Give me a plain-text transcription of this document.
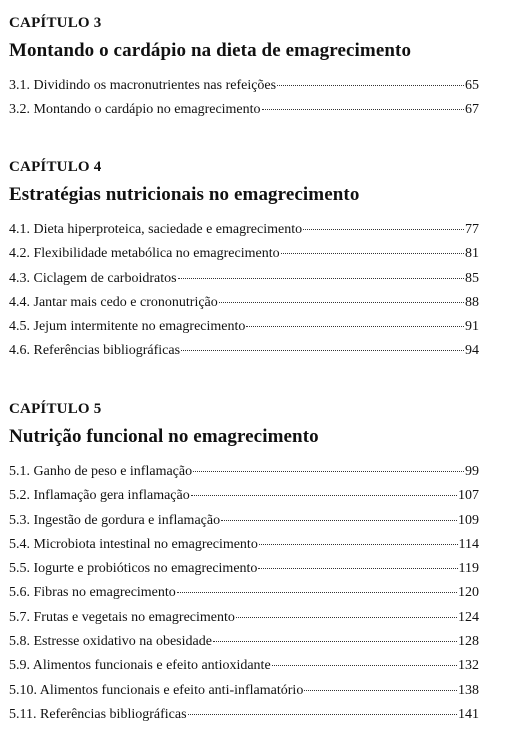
CAPÍTULO 3
Montando o cardápio na dieta de emagrecimento
3.1. Dividindo os macronutrientes nas refeições	65
3.2. Montando o cardápio no emagrecimento	67
CAPÍTULO 4
Estratégias nutricionais no emagrecimento
4.1. Dieta hiperproteica, saciedade e emagrecimento	77
4.2. Flexibilidade metabólica no emagrecimento	81
4.3. Ciclagem de carboidratos	85
4.4. Jantar mais cedo e crononutrição	88
4.5. Jejum intermitente no emagrecimento	91
4.6. Referências bibliográficas	94
CAPÍTULO 5
Nutrição funcional no emagrecimento
5.1. Ganho de peso e inflamação	99
5.2. Inflamação gera inflamação	107
5.3. Ingestão de gordura e inflamação	109
5.4. Microbiota intestinal no emagrecimento	114
5.5. Iogurte e probióticos no emagrecimento	119
5.6. Fibras no emagrecimento	120
5.7. Frutas e vegetais no emagrecimento	124
5.8. Estresse oxidativo na obesidade	128
5.9. Alimentos funcionais e efeito antioxidante	132
5.10. Alimentos funcionais e efeito anti-inflamatório	138
5.11. Referências bibliográficas	141
